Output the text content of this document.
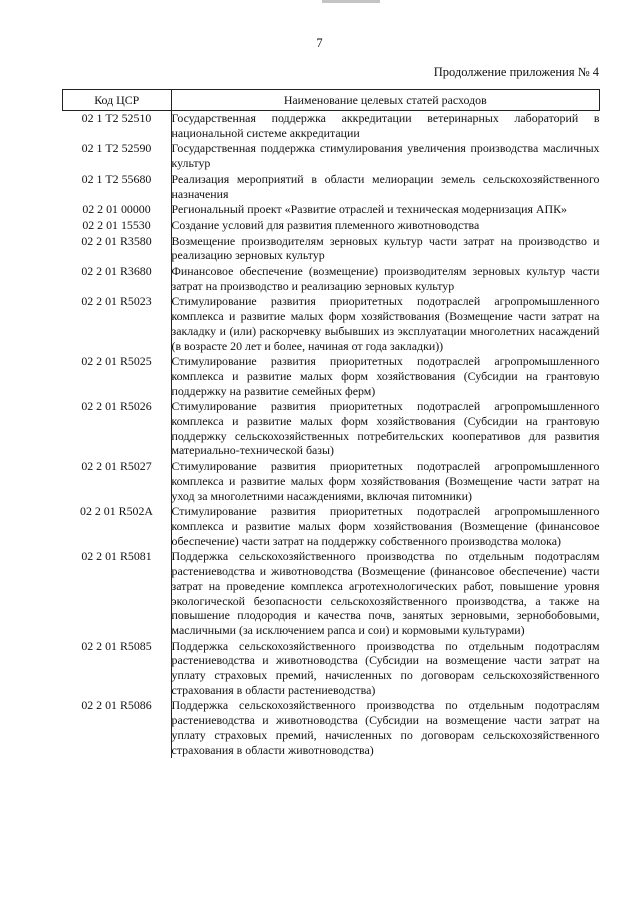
7
Продолжение приложения № 4
Код ЦСР	Наименование целевых статей расходов
02 1 Т2 52510	Государственная поддержка аккредитации ветеринарных лабораторий в национальной системе аккредитации
02 1 Т2 52590	Государственная поддержка стимулирования увеличения производства масличных культур
02 1 Т2 55680	Реализация мероприятий в области мелиорации земель сельскохозяйственного назначения
02 2 01 00000	Региональный проект «Развитие отраслей и техническая модернизация АПК»
02 2 01 15530	Создание условий для развития племенного животноводства
02 2 01 R3580	Возмещение производителям зерновых культур части затрат на производство и реализацию зерновых культур
02 2 01 R3680	Финансовое обеспечение (возмещение) производителям зерновых культур части затрат на производство и реализацию зерновых культур
02 2 01 R5023	Стимулирование развития приоритетных подотраслей агропромышленного комплекса и развитие малых форм хозяйствования (Возмещение части затрат на закладку и (или) раскорчевку выбывших из эксплуатации многолетних насаждений (в возрасте 20 лет и более, начиная от года закладки))
02 2 01 R5025	Стимулирование развития приоритетных подотраслей агропромышленного комплекса и развитие малых форм хозяйствования (Субсидии на грантовую поддержку на развитие семейных ферм)
02 2 01 R5026	Стимулирование развития приоритетных подотраслей агропромышленного комплекса и развитие малых форм хозяйствования (Субсидии на грантовую поддержку сельскохозяйственных потребительских кооперативов для развития материально-технической базы)
02 2 01 R5027	Стимулирование развития приоритетных подотраслей агропромышленного комплекса и развитие малых форм хозяйствования (Возмещение части затрат на уход за многолетними насаждениями, включая питомники)
02 2 01 R502А	Стимулирование развития приоритетных подотраслей агропромышленного комплекса и развитие малых форм хозяйствования (Возмещение (финансовое обеспечение) части затрат на поддержку собственного производства молока)
02 2 01 R5081	Поддержка сельскохозяйственного производства по отдельным подотраслям растениеводства и животноводства (Возмещение (финансовое обеспечение) части затрат на проведение комплекса агротехнологических работ, повышение уровня экологической безопасности сельскохозяйственного производства, а также на повышение плодородия и качества почв, занятых зерновыми, зернобобовыми, масличными (за исключением рапса и сои) и кормовыми культурами)
02 2 01 R5085	Поддержка сельскохозяйственного производства по отдельным подотраслям растениеводства и животноводства (Субсидии на возмещение части затрат на уплату страховых премий, начисленных по договорам сельскохозяйственного страхования в области растениеводства)
02 2 01 R5086	Поддержка сельскохозяйственного производства по отдельным подотраслям растениеводства и животноводства (Субсидии на возмещение части затрат на уплату страховых премий, начисленных по договорам сельскохозяйственного страхования в области животноводства)
